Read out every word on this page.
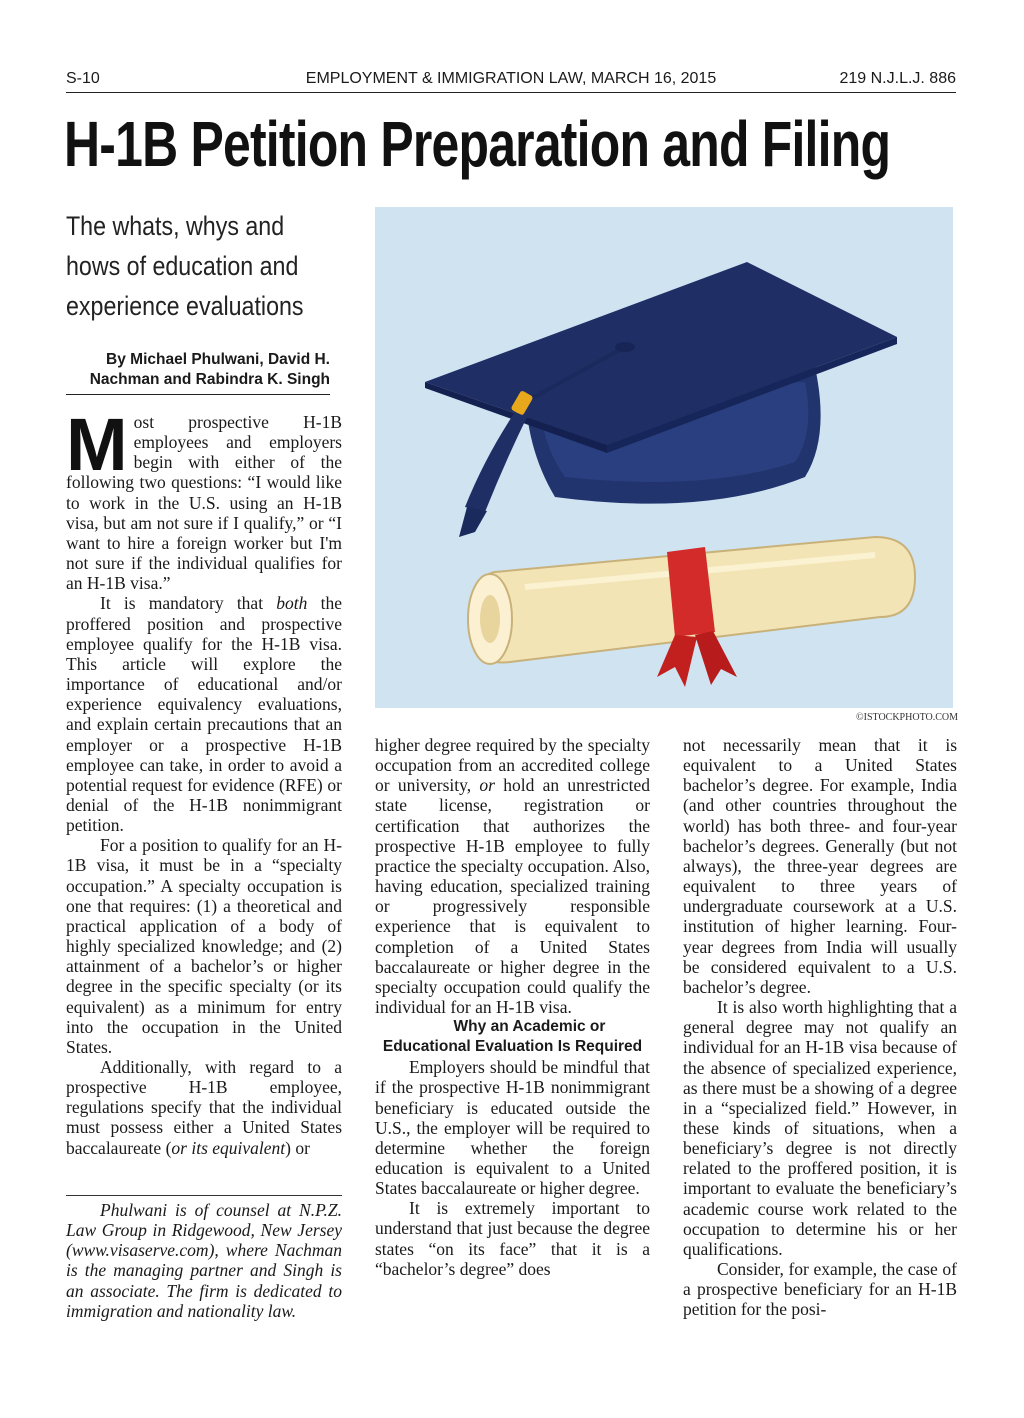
S-10	EMPLOYMENT & IMMIGRATION LAW, MARCH 16, 2015	219 N.J.L.J. 886
H-1B Petition Preparation and Filing
The whats, whys and hows of education and experience evaluations
By Michael Phulwani, David H.
Nachman and Rabindra K. Singh
©ISTOCKPHOTO.COM

Most prospective H-1B employees and employers begin with either of the following two questions: “I would like to work in the U.S. using an H-1B visa, but am not sure if I qualify,” or “I want to hire a foreign worker but I'm not sure if the individual qualifies for an H-1B visa.”

It is mandatory that both the proffered position and prospective employee qualify for the H-1B visa. This article will explore the importance of educational and/or experience equivalency evaluations, and explain certain precautions that an employer or a prospective H-1B employee can take, in order to avoid a potential request for evidence (RFE) or denial of the H-1B nonimmigrant petition.

For a position to qualify for an H-1B visa, it must be in a “specialty occupation.” A specialty occupation is one that requires: (1) a theoretical and practical application of a body of highly specialized knowledge; and (2) attainment of a bachelor’s or higher degree in the specific specialty (or its equivalent) as a minimum for entry into the occupation in the United States.

Additionally, with regard to a prospective H-1B employee, regulations specify that the individual must possess either a United States baccalaureate (or its equivalent) or

Phulwani is of counsel at N.P.Z. Law Group in Ridgewood, New Jersey (www.visaserve.com), where Nachman is the managing partner and Singh is an associate. The firm is dedicated to immigration and nationality law.

higher degree required by the specialty occupation from an accredited college or university, or hold an unrestricted state license, registration or certification that authorizes the prospective H-1B employee to fully practice the specialty occupation. Also, having education, specialized training or progressively responsible experience that is equivalent to completion of a United States baccalaureate or higher degree in the specialty occupation could qualify the individual for an H-1B visa.

Why an Academic or Educational Evaluation Is Required

Employers should be mindful that if the prospective H-1B nonimmigrant beneficiary is educated outside the U.S., the employer will be required to determine whether the foreign education is equivalent to a United States baccalaureate or higher degree.

It is extremely important to understand that just because the degree states “on its face” that it is a “bachelor’s degree” does

not necessarily mean that it is equivalent to a United States bachelor’s degree. For example, India (and other countries throughout the world) has both three- and four-year bachelor’s degrees. Generally (but not always), the three-year degrees are equivalent to three years of undergraduate coursework at a U.S. institution of higher learning. Four-year degrees from India will usually be considered equivalent to a U.S. bachelor’s degree.

It is also worth highlighting that a general degree may not qualify an individual for an H-1B visa because of the absence of specialized experience, as there must be a showing of a degree in a “specialized field.” However, in these kinds of situations, when a beneficiary’s degree is not directly related to the proffered position, it is important to evaluate the beneficiary’s academic course work related to the occupation to determine his or her qualifications.

Consider, for example, the case of a prospective beneficiary for an H-1B petition for the posi-
